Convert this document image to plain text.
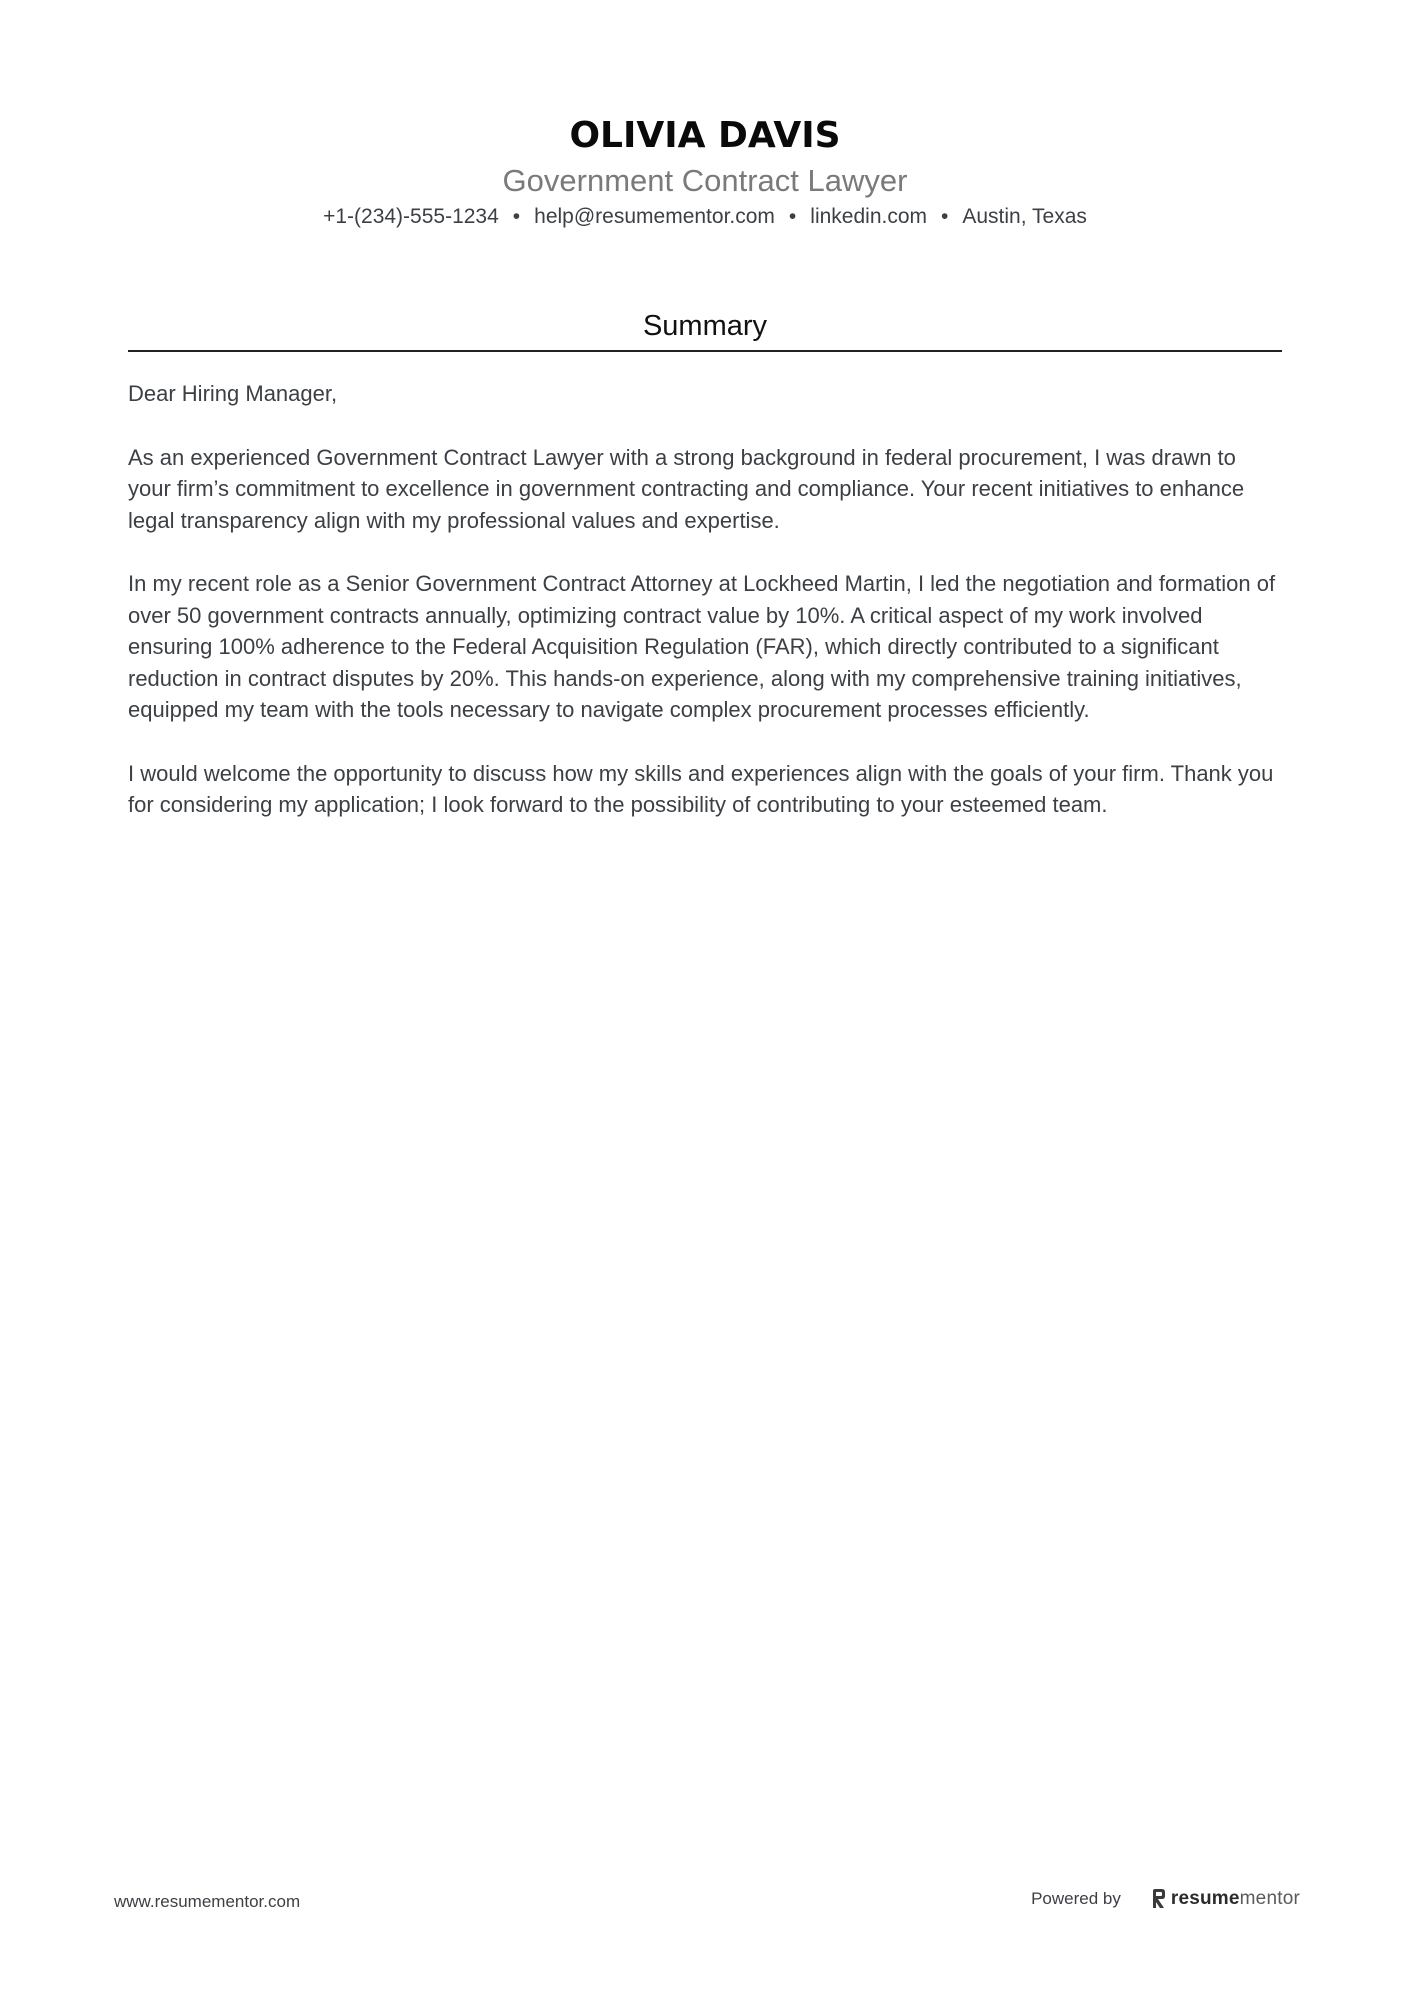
OLIVIA DAVIS
Government Contract Lawyer
+1-(234)-555-1234 • help@resumementor.com • linkedin.com • Austin, Texas
Summary

Dear Hiring Manager,

As an experienced Government Contract Lawyer with a strong background in federal procurement, I was drawn to your firm’s commitment to excellence in government contracting and compliance. Your recent initiatives to enhance legal transparency align with my professional values and expertise.

In my recent role as a Senior Government Contract Attorney at Lockheed Martin, I led the negotiation and formation of over 50 government contracts annually, optimizing contract value by 10%. A critical aspect of my work involved ensuring 100% adherence to the Federal Acquisition Regulation (FAR), which directly contributed to a significant reduction in contract disputes by 20%. This hands-on experience, along with my comprehensive training initiatives, equipped my team with the tools necessary to navigate complex procurement processes efficiently.

I would welcome the opportunity to discuss how my skills and experiences align with the goals of your firm. Thank you for considering my application; I look forward to the possibility of contributing to your esteemed team.

www.resumementor.com	Powered by	resumementor
